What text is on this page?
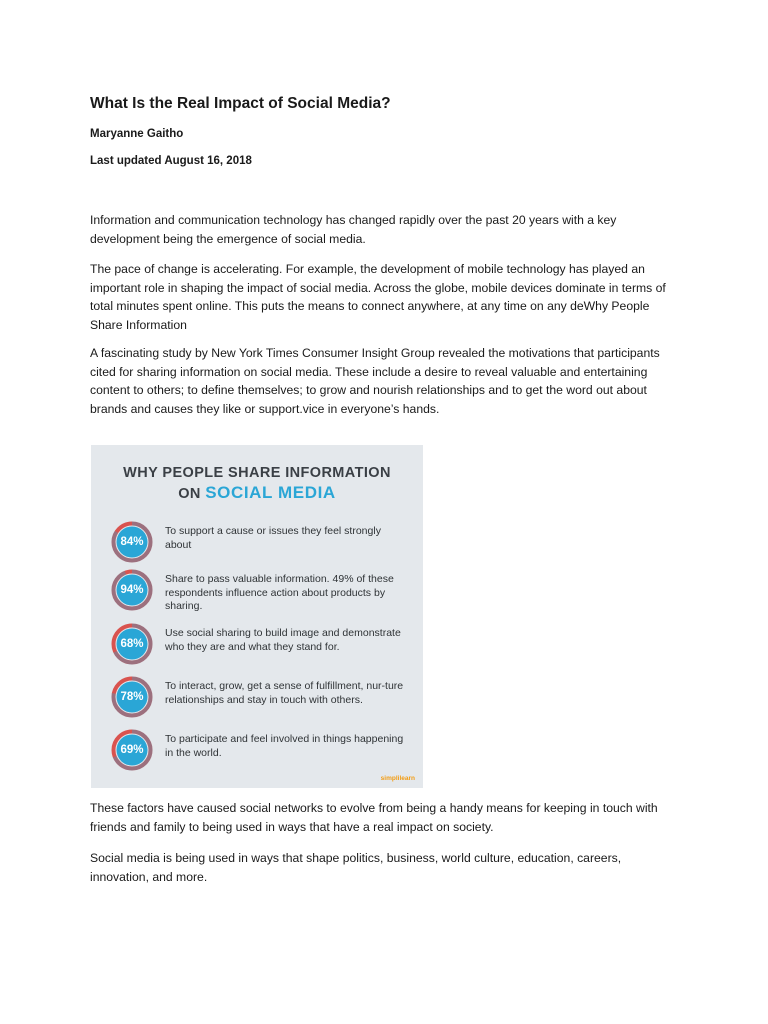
What Is the Real Impact of Social Media?

Maryanne Gaitho

Last updated August 16, 2018

Information and communication technology has changed rapidly over the past 20 years with a key development being the emergence of social media.

The pace of change is accelerating. For example, the development of mobile technology has played an important role in shaping the impact of social media. Across the globe, mobile devices dominate in terms of total minutes spent online. This puts the means to connect anywhere, at any time on any deWhy People Share Information

A fascinating study by New York Times Consumer Insight Group revealed the motivations that participants cited for sharing information on social media. These include a desire to reveal valuable and entertaining content to others; to define themselves; to grow and nourish relationships and to get the word out about brands and causes they like or support.vice in everyone’s hands.

WHY PEOPLE SHARE INFORMATION
ON SOCIAL MEDIA
84%
To support a cause or issues they feel strongly about
94%
Share to pass valuable information. 49% of these respondents influence action about products by sharing.
68%
Use social sharing to build image and demonstrate who they are and what they stand for.
78%
To interact, grow, get a sense of fulfillment, nur-ture relationships and stay in touch with others.
69%
To participate and feel involved in things happening in the world.
simplilearn

These factors have caused social networks to evolve from being a handy means for keeping in touch with friends and family to being used in ways that have a real impact on society.

Social media is being used in ways that shape politics, business, world culture, education, careers, innovation, and more.
